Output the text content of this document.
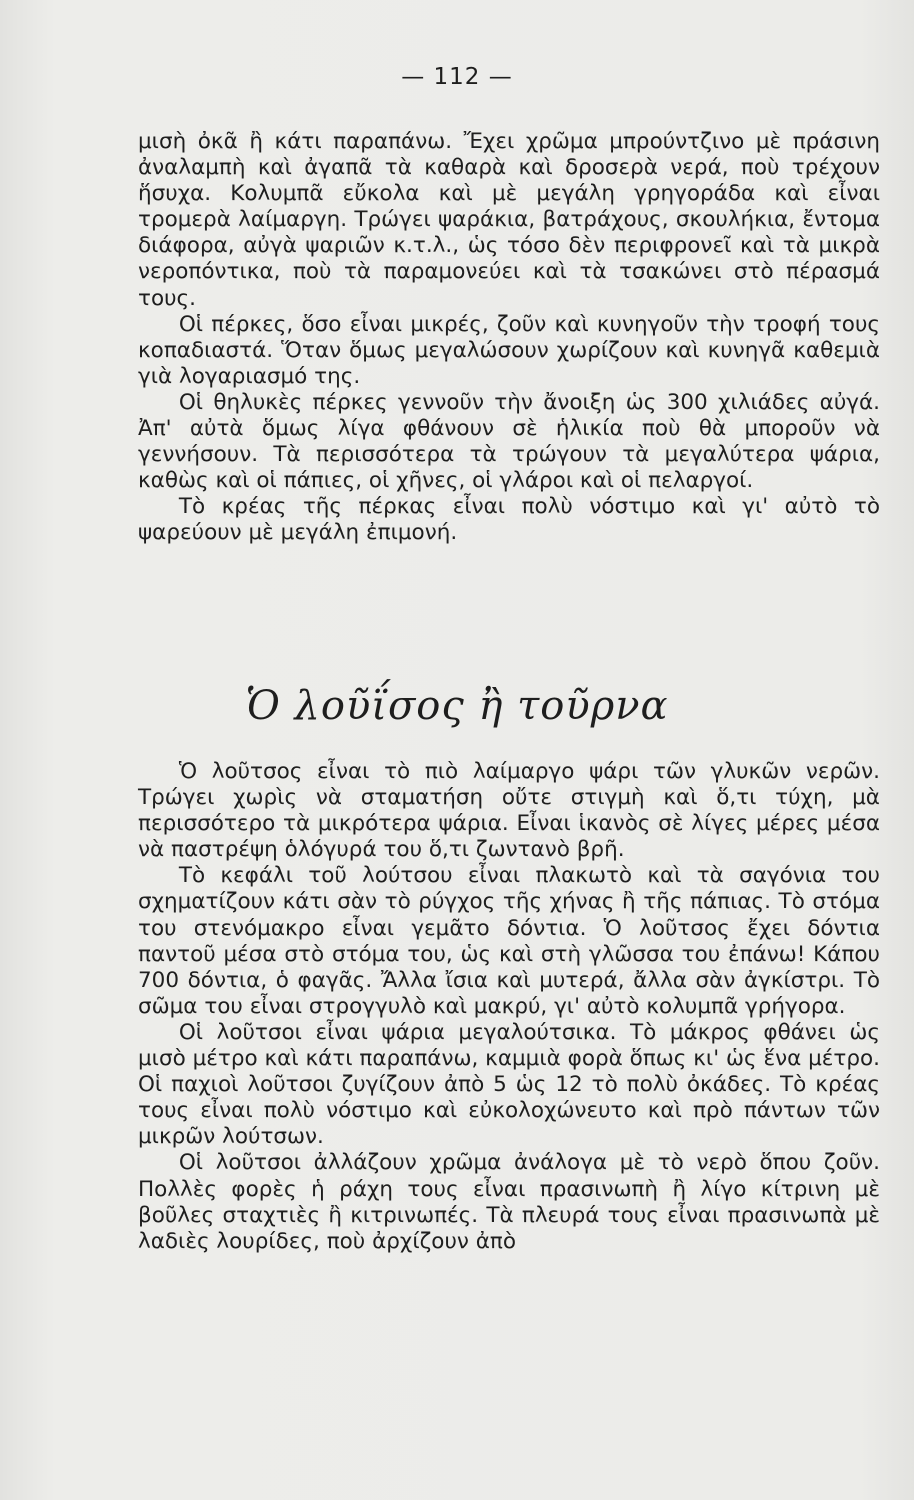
— 112 —

μισὴ ὀκᾶ ἢ κάτι παραπάνω. Ἔχει χρῶμα μπρούντζινο μὲ πράσινη ἀναλαμπὴ καὶ ἀγαπᾶ τὰ καθαρὰ καὶ δροσερὰ νερά, ποὺ τρέχουν ἥσυχα. Κολυμπᾶ εὔκολα καὶ μὲ μεγάλη γρηγοράδα καὶ εἶναι τρομερὰ λαίμαργη. Τρώγει ψαράκια, βατράχους, σκουλήκια, ἔντομα διάφορα, αὐγὰ ψαριῶν κ.τ.λ., ὡς τόσο δὲν περιφρονεῖ καὶ τὰ μικρὰ νεροπόντικα, ποὺ τὰ παραμονεύει καὶ τὰ τσακώνει στὸ πέρασμά τους.

Οἱ πέρκες, ὅσο εἶναι μικρές, ζοῦν καὶ κυνηγοῦν τὴν τροφή τους κοπαδιαστά. Ὅταν ὅμως μεγαλώσουν χωρίζουν καὶ κυνηγᾶ καθεμιὰ γιὰ λογαριασμό της.

Οἱ θηλυκὲς πέρκες γεννοῦν τὴν ἄνοιξη ὡς 300 χιλιάδες αὐγά. Ἀπ' αὐτὰ ὅμως λίγα φθάνουν σὲ ἡλικία ποὺ θὰ μποροῦν νὰ γεννήσουν. Τὰ περισσότερα τὰ τρώγουν τὰ μεγαλύτερα ψάρια, καθὼς καὶ οἱ πάπιες, οἱ χῆνες, οἱ γλάροι καὶ οἱ πελαργοί.

Τὸ κρέας τῆς πέρκας εἶναι πολὺ νόστιμο καὶ γι' αὐτὸ τὸ ψαρεύουν μὲ μεγάλη ἐπιμονή.

Ὁ λοῦΐσος ἢ τοῦρνα

Ὁ λοῦτσος εἶναι τὸ πιὸ λαίμαργο ψάρι τῶν γλυκῶν νερῶν. Τρώγει χωρὶς νὰ σταματήση οὔτε στιγμὴ καὶ ὅ,τι τύχη, μὰ περισσότερο τὰ μικρότερα ψάρια. Εἶναι ἱκανὸς σὲ λίγες μέρες μέσα νὰ παστρέψη ὁλόγυρά του ὅ,τι ζωντανὸ βρῆ.

Τὸ κεφάλι τοῦ λούτσου εἶναι πλακωτὸ καὶ τὰ σαγόνια του σχηματίζουν κάτι σὰν τὸ ρύγχος τῆς χήνας ἢ τῆς πάπιας. Τὸ στόμα του στενόμακρο εἶναι γεμᾶτο δόντια. Ὁ λοῦτσος ἔχει δόντια παντοῦ μέσα στὸ στόμα του, ὡς καὶ στὴ γλῶσσα του ἐπάνω! Κάπου 700 δόντια, ὁ φαγᾶς. Ἄλλα ἴσια καὶ μυτερά, ἄλλα σὰν ἀγκίστρι. Τὸ σῶμα του εἶναι στρογγυλὸ καὶ μακρύ, γι' αὐτὸ κολυμπᾶ γρήγορα.

Οἱ λοῦτσοι εἶναι ψάρια μεγαλούτσικα. Τὸ μάκρος φθάνει ὡς μισὸ μέτρο καὶ κάτι παραπάνω, καμμιὰ φορὰ ὅπως κι' ὡς ἕνα μέτρο. Οἱ παχιοὶ λοῦτσοι ζυγίζουν ἀπὸ 5 ὡς 12 τὸ πολὺ ὀκάδες. Τὸ κρέας τους εἶναι πολὺ νόστιμο καὶ εὐκολοχώνευτο καὶ πρὸ πάντων τῶν μικρῶν λούτσων.

Οἱ λοῦτσοι ἀλλάζουν χρῶμα ἀνάλογα μὲ τὸ νερὸ ὅπου ζοῦν. Πολλὲς φορὲς ἡ ράχη τους εἶναι πρασινωπὴ ἢ λίγο κίτρινη μὲ βοῦλες σταχτιὲς ἢ κιτρινωπές. Τὰ πλευρά τους εἶναι πρασινωπὰ μὲ λαδιὲς λουρίδες, ποὺ ἀρχίζουν ἀπὸ
